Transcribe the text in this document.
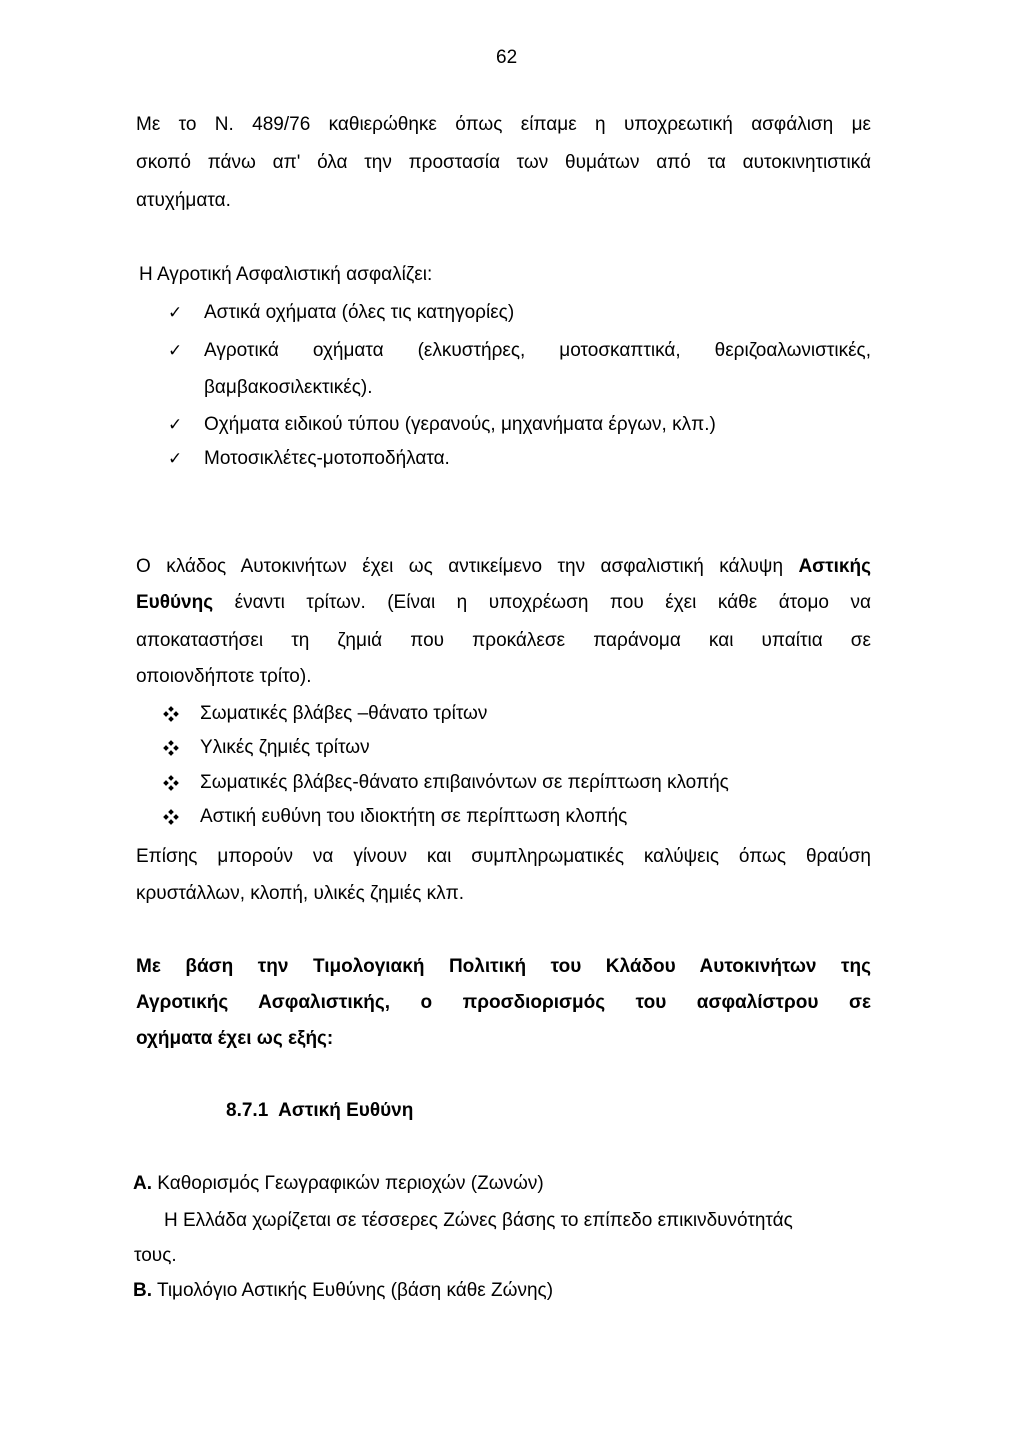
62
Με το Ν. 489/76 καθιερώθηκε όπως είπαμε η υποχρεωτική ασφάλιση με
σκοπό πάνω απ' όλα την προστασία των θυμάτων από τα αυτοκινητιστικά
ατυχήματα.
Η Αγροτική Ασφαλιστική ασφαλίζει:
✓ Αστικά οχήματα (όλες τις κατηγορίες)
✓ Αγροτικά οχήματα (ελκυστήρες, μοτοσκαπτικά, θεριζοαλωνιστικές,
βαμβακοσιλεκτικές).
✓ Οχήματα ειδικού τύπου (γερανούς, μηχανήματα έργων, κλπ.)
✓ Μοτοσικλέτες-μοτοποδήλατα.
Ο κλάδος Αυτοκινήτων έχει ως αντικείμενο την ασφαλιστική κάλυψη Αστικής
Ευθύνης έναντι τρίτων. (Είναι η υποχρέωση που έχει κάθε άτομο να
αποκαταστήσει τη ζημιά που προκάλεσε παράνομα και υπαίτια σε
οποιονδήποτε τρίτο).
Σωματικές βλάβες –θάνατο τρίτων
Υλικές ζημιές τρίτων
Σωματικές βλάβες-θάνατο επιβαινόντων σε περίπτωση κλοπής
Αστική ευθύνη του ιδιοκτήτη σε περίπτωση κλοπής
Επίσης μπορούν να γίνουν και συμπληρωματικές καλύψεις όπως θραύση
κρυστάλλων, κλοπή, υλικές ζημιές κλπ.
Με βάση την Τιμολογιακή Πολιτική του Κλάδου Αυτοκινήτων της
Αγροτικής Ασφαλιστικής, ο προσδιορισμός του ασφαλίστρου σε
οχήματα έχει ως εξής:
8.7.1 Αστική Ευθύνη
Α. Καθορισμός Γεωγραφικών περιοχών (Ζωνών)
Η Ελλάδα χωρίζεται σε τέσσερες Ζώνες βάσης το επίπεδο επικινδυνότητάς
τους.
Β. Τιμολόγιο Αστικής Ευθύνης (βάση κάθε Ζώνης)
